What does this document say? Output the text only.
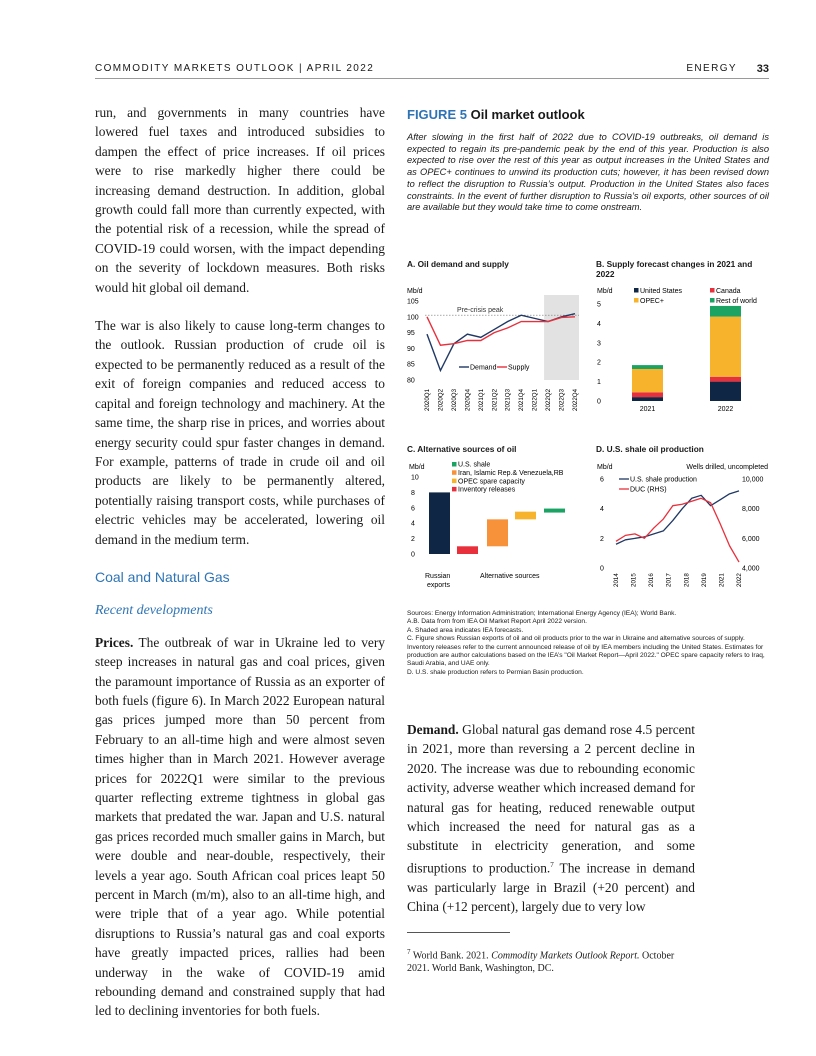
COMMODITY MARKETS OUTLOOK | APRIL 2022	ENERGY 33

run, and governments in many countries have lowered fuel taxes and introduced subsidies to dampen the effect of price increases. If oil prices were to rise markedly higher there could be increasing demand destruction. In addition, global growth could fall more than currently expected, with the potential risk of a recession, while the spread of COVID-19 could worsen, with the impact depending on the severity of lockdown measures. Both risks would hit global oil demand.

The war is also likely to cause long-term changes to the outlook. Russian production of crude oil is expected to be permanently reduced as a result of the exit of foreign companies and reduced access to capital and foreign technology and machinery. At the same time, the sharp rise in prices, and worries about energy security could spur faster changes in demand. For example, patterns of trade in crude oil and oil products are likely to be permanently altered, potentially raising transport costs, while purchases of electric vehicles may be accelerated, lowering oil demand in the medium term.

Coal and Natural Gas
Recent developments

Prices. The outbreak of war in Ukraine led to very steep increases in natural gas and coal prices, given the paramount importance of Russia as an exporter of both fuels (figure 6). In March 2022 European natural gas prices jumped more than 50 percent from February to an all-time high and were almost seven times higher than in March 2021. However average prices for 2022Q1 were similar to the previous quarter reflecting extreme tightness in global gas markets that predated the war. Japan and U.S. natural gas prices recorded much smaller gains in March, but were double and near-double, respectively, their levels a year ago. South African coal prices leapt 50 percent in March (m/m), also to an all-time high, and were triple that of a year ago. While potential disruptions to Russia’s natural gas and coal exports have greatly impacted prices, rallies had been underway in the wake of COVID-19 amid rebounding demand and constrained supply that had led to declining inventories for both fuels.

FIGURE 5 Oil market outlook
After slowing in the first half of 2022 due to COVID-19 outbreaks, oil demand is expected to regain its pre-pandemic peak by the end of this year. Production is also expected to rise over the rest of this year as output increases in the United States and as OPEC+ continues to unwind its production cuts; however, it has been revised down to reflect the disruption to Russia’s output. Production in the United States also faces constraints. In the event of further disruption to Russia’s oil exports, other sources of oil are available but they would take time to come onstream.
A. Oil demand and supply	B. Supply forecast changes in 2021 and 2022
C. Alternative sources of oil	D. U.S. shale oil production
Mb/d
80
85
90
95
100
105
Pre-crisis peak
Demand Supply
2020Q1 2020Q2 2020Q3 2020Q4 2021Q1 2021Q2 2021Q3 2021Q4 2022Q1 2022Q2 2022Q3 2022Q4
Mb/d
0
1
2
3
4
5
2021	2022
United States	Canada
OPEC+	Rest of world
Mb/d
0
2
4
6
8
10
Russian
exports
Alternative sources
U.S. shale
Iran, Islamic Rep.& Venezuela,RB
OPEC spare capacity
Inventory releases
Mb/d	Wells drilled, uncompleted
0
2
4
6
4,000
6,000
8,000
10,000
U.S. shale production
DUC (RHS)
2014 2015 2016 2017 2018 2019 2021 2022

Sources: Energy Information Administration; International Energy Agency (IEA); World Bank.

A.B. Data from from IEA Oil Market Report April 2022 version.

A. Shaded area indicates IEA forecasts.

C. Figure shows Russian exports of oil and oil products prior to the war in Ukraine and alternative sources of supply. Inventory releases refer to the current announced release of oil by IEA members including the United States. Estimates for production are author calculations based on the IEA’s "Oil Market Report—April 2022." OPEC spare capacity refers to Iraq, Saudi Arabia, and UAE only.

D. U.S. shale production refers to Permian Basin production.

Demand. Global natural gas demand rose 4.5 percent in 2021, more than reversing a 2 percent decline in 2020. The increase was due to rebounding economic activity, adverse weather which increased demand for natural gas for heating, reduced renewable output which increased the need for natural gas as a substitute in electricity generation, and some disruptions to production.$^7$ The increase in demand was particularly large in Brazil (+20 percent) and China (+12 percent), largely due to very low

$^7$ World Bank. 2021. Commodity Markets Outlook Report. October 2021. World Bank, Washington, DC.
